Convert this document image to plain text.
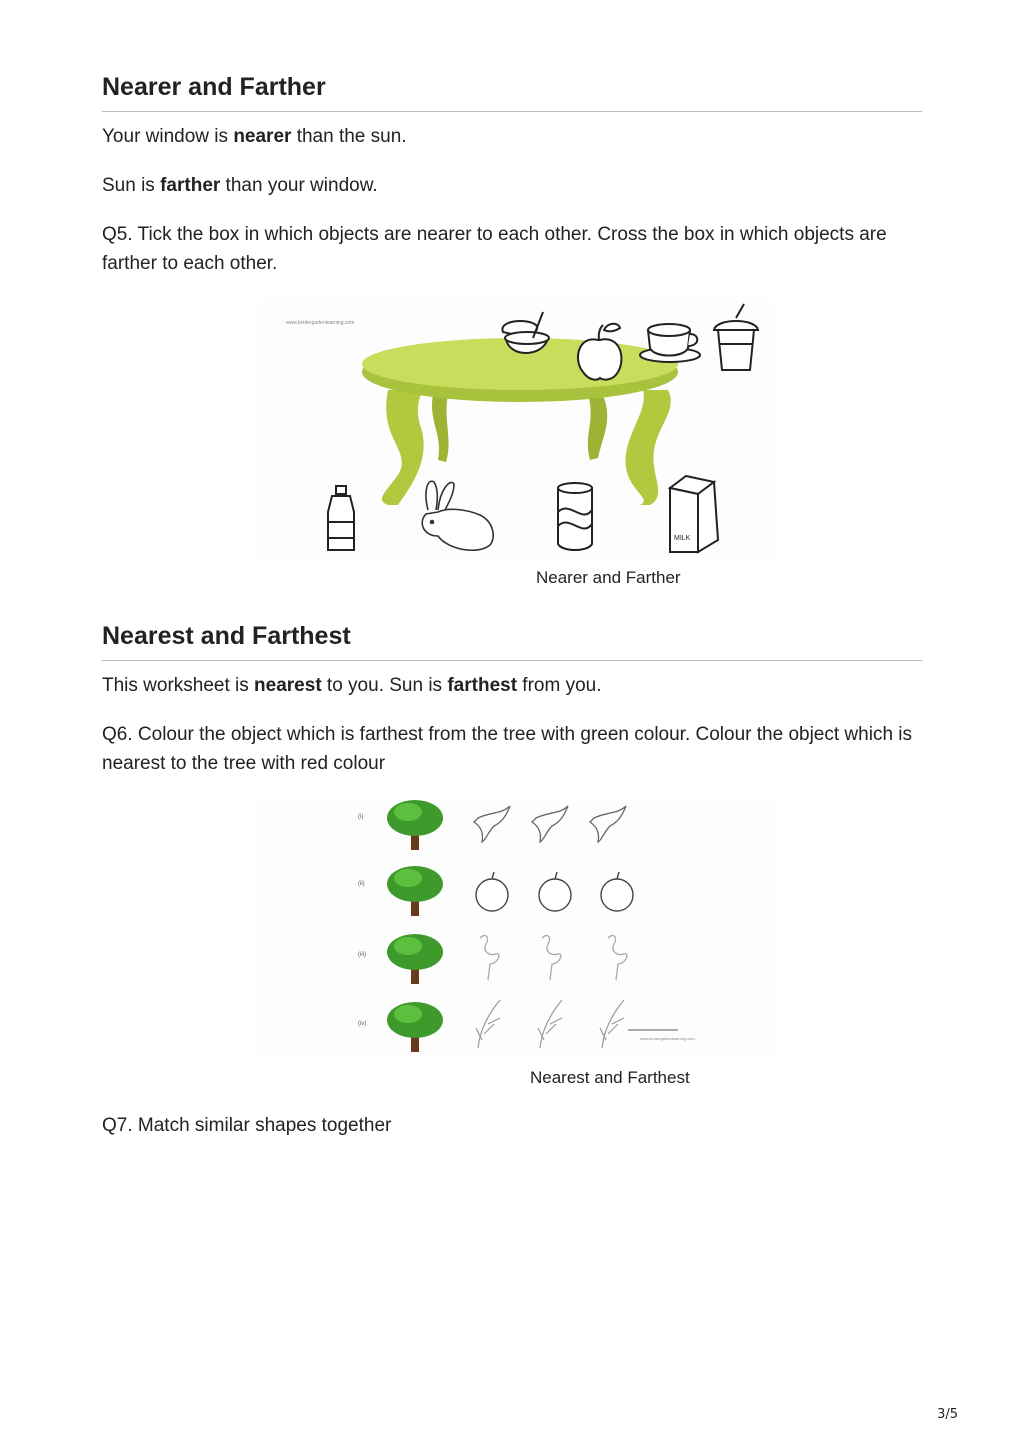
Nearer and Farther

Your window is nearer than the sun.

Sun is farther than your window.

Q5. Tick the box in which objects are nearer to each other. Cross the box in which objects are farther to each other.

www.kindergartenlearning.com
MILK
Nearer and Farther
Nearest and Farthest

This worksheet is nearest to you. Sun is farthest from you.

Q6. Colour the object which is farthest from the tree with green colour. Colour the object which is nearest to the tree with red colour

(i)
(ii)
(iii)
(iv)
www.kindergartenlearning.com
Nearest and Farthest

Q7. Match similar shapes together

3/5
